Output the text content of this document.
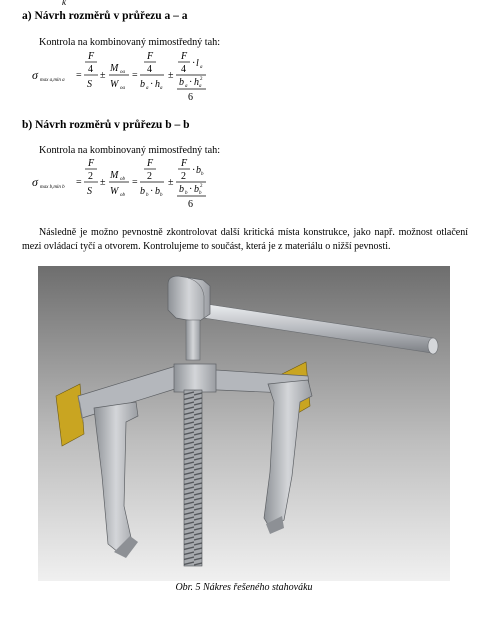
k
a) Návrh rozměrů v průřezu a – a
Kontrola na kombinovaný mimostředný tah:
σ max a,min a =
F
4
S
±
M oa
W oa
=
F
4
b a · h a
±
F
4
· l a
b a · h a
2
6
b) Návrh rozměrů v průřezu b – b
Kontrola na kombinovaný mimostředný tah:
σ max b,min b =
F
2
S
±
M ob
W ob
=
F
2
b b · b b
±
F
2
· b b
b b · b b
2
6
Následně je možno pevnostně zkontrolovat další kritická místa konstrukce, jako např. možnost otlačení mezi ovládací tyčí a otvorem. Kontrolujeme to součást, která je z materiálu o nižší pevnosti.
Obr. 5 Nákres řešeného stahováku
